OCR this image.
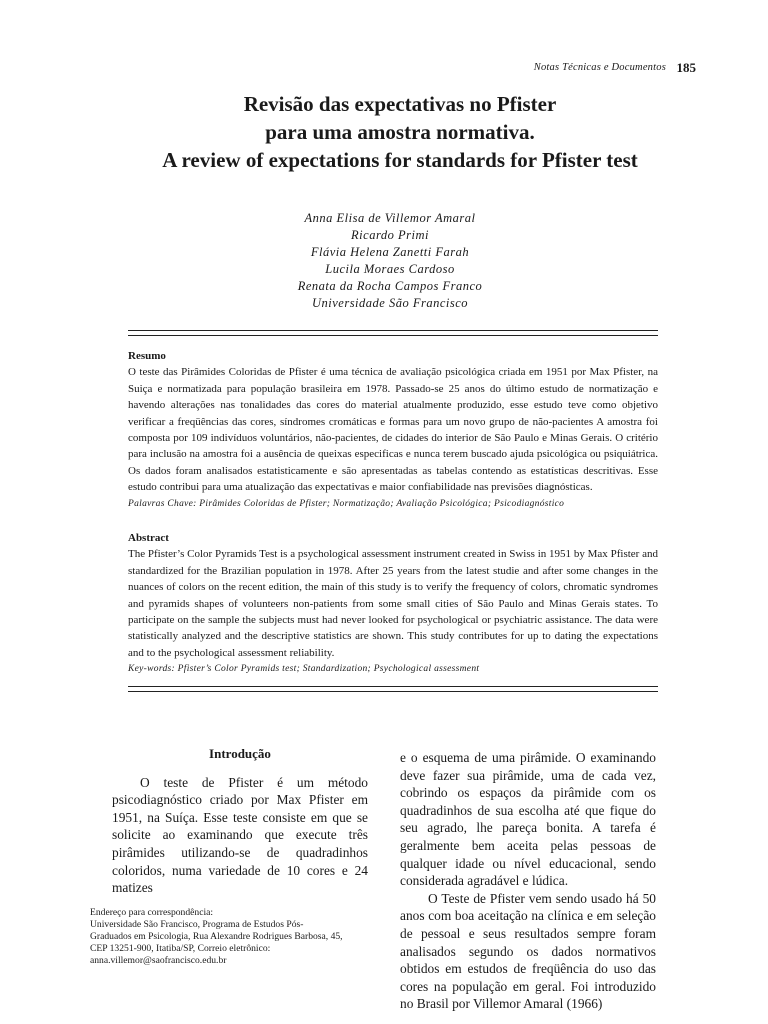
Notas Técnicas e Documentos 185
Revisão das expectativas no Pfister
para uma amostra normativa.
A review of expectations for standards for Pfister test
Anna Elisa de Villemor Amaral
Ricardo Primi
Flávia Helena Zanetti Farah
Lucila Moraes Cardoso
Renata da Rocha Campos Franco
Universidade São Francisco
Resumo
O teste das Pirâmides Coloridas de Pfister é uma técnica de avaliação psicológica criada em 1951 por Max Pfister, na Suiça e normatizada para população brasileira em 1978. Passado-se 25 anos do último estudo de normatização e havendo alterações nas tonalidades das cores do material atualmente produzido, esse estudo teve como objetivo verificar a freqüências das cores, síndromes cromáticas e formas para um novo grupo de não-pacientes A amostra foi composta por 109 indivíduos voluntários, não-pacientes, de cidades do interior de São Paulo e Minas Gerais. O critério para inclusão na amostra foi a ausência de queixas especificas e nunca terem buscado ajuda psicológica ou psiquiátrica. Os dados foram analisados estatisticamente e são apresentadas as tabelas contendo as estatísticas descritivas. Esse estudo contribui para uma atualização das expectativas e maior confiabilidade nas previsões diagnósticas.
Palavras Chave: Pirâmides Coloridas de Pfister; Normatização; Avaliação Psicológica; Psicodiagnóstico
Abstract
The Pfister’s Color Pyramids Test is a psychological assessment instrument created in Swiss in 1951 by Max Pfister and standardized for the Brazilian population in 1978. After 25 years from the latest studie and after some changes in the nuances of colors on the recent edition, the main of this study is to verify the frequency of colors, chromatic syndromes and pyramids shapes of volunteers non-patients from some small cities of São Paulo and Minas Gerais states. To participate on the sample the subjects must had never looked for psychological or psychiatric assistance. The data were statistically analyzed and the descriptive statistics are shown. This study contributes for up to dating the expectations and to the psychological assessment reliability.
Key-words: Pfister’s Color Pyramids test; Standardization; Psychological assessment
Introdução

O teste de Pfister é um método psicodiagnóstico criado por Max Pfister em 1951, na Suíça. Esse teste consiste em que se solicite ao examinando que execute três pirâmides utilizando-se de quadradinhos coloridos, numa variedade de 10 cores e 24 matizes

e o esquema de uma pirâmide. O examinando deve fazer sua pirâmide, uma de cada vez, cobrindo os espaços da pirâmide com os quadradinhos de sua escolha até que fique do seu agrado, lhe pareça bonita. A tarefa é geralmente bem aceita pelas pessoas de qualquer idade ou nível educacional, sendo considerada agradável e lúdica.

O Teste de Pfister vem sendo usado há 50 anos com boa aceitação na clínica e em seleção de pessoal e seus resultados sempre foram analisados segundo os dados normativos obtidos em estudos de freqüência do uso das cores na população em geral. Foi introduzido no Brasil por Villemor Amaral (1966)

Endereço para correspondência:
Universidade São Francisco, Programa de Estudos Pós-
Graduados em Psicologia, Rua Alexandre Rodrigues Barbosa, 45,
CEP 13251-900, Itatiba/SP, Correio eletrônico:
anna.villemor@saofrancisco.edu.br
